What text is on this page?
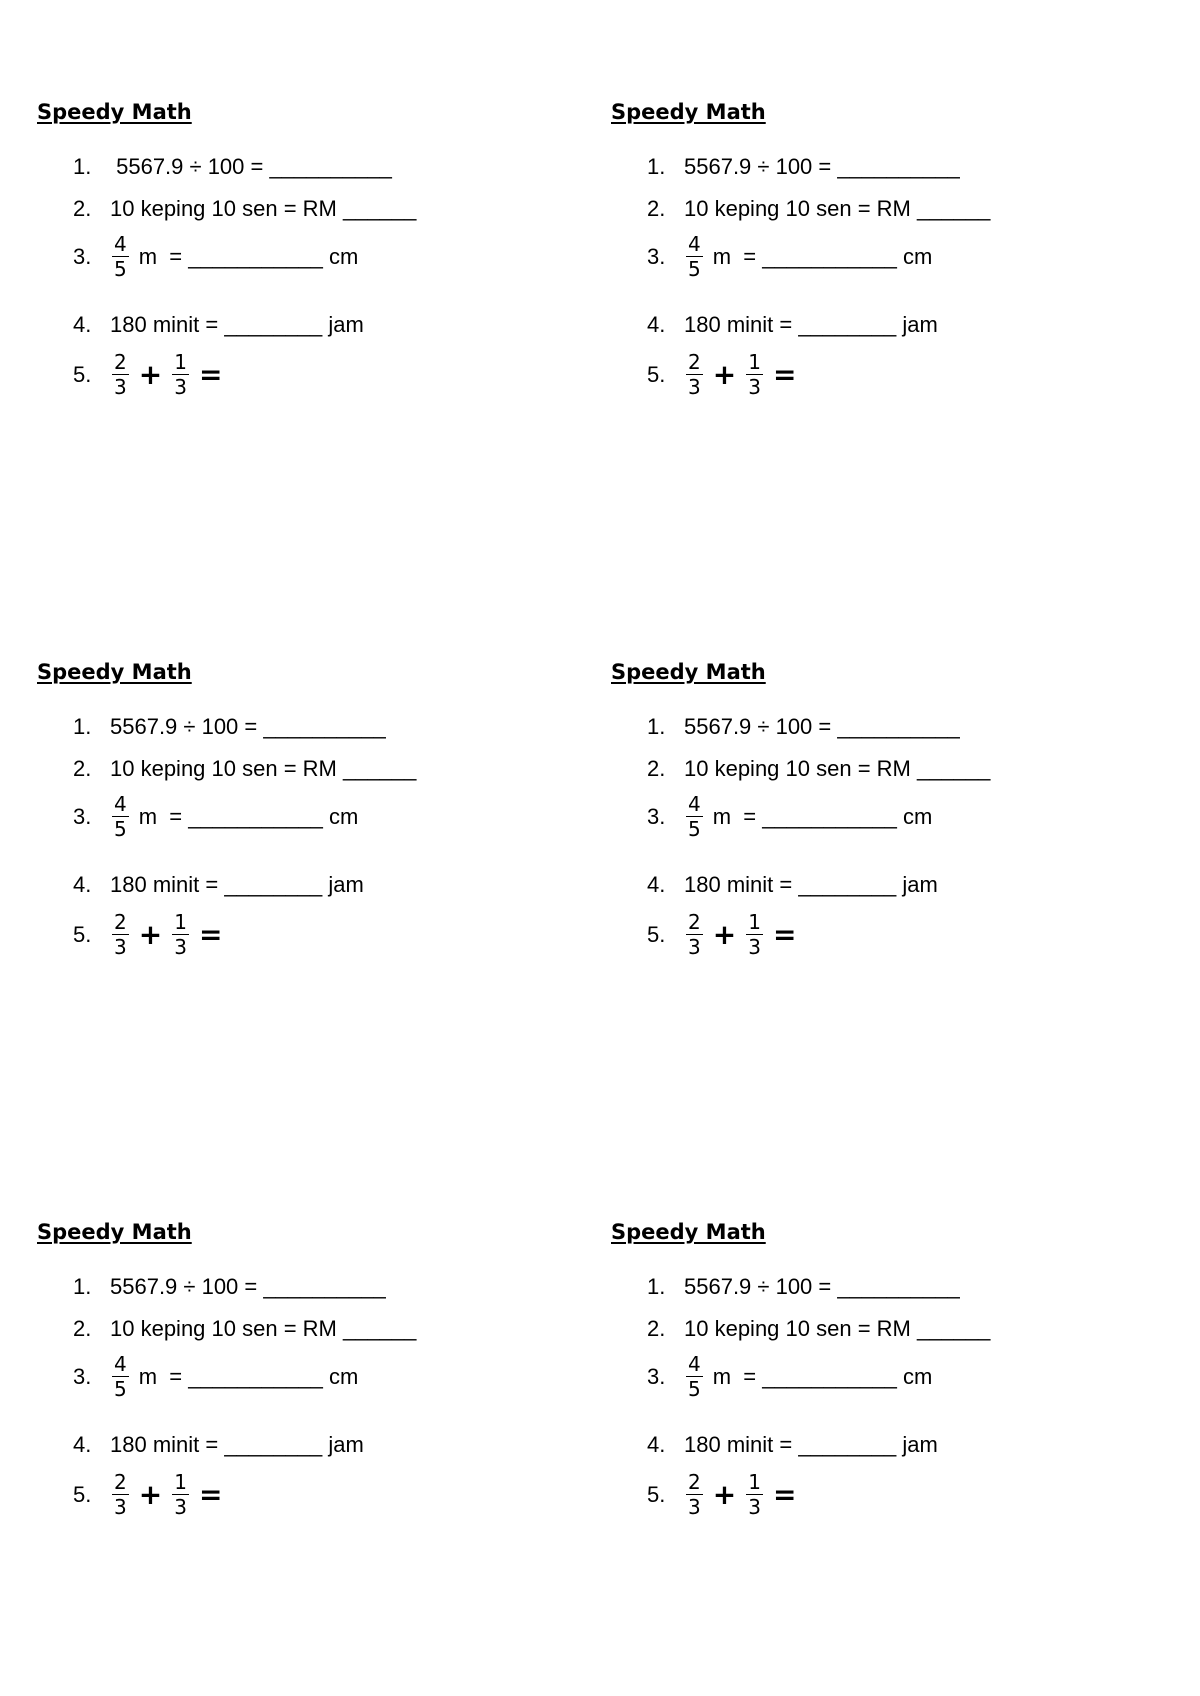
Speedy Math
1. 5567.9 ÷ 100 = __________
2. 10 keping 10 sen = RM ______
3.	$\frac{4}{5}$ m  = ___________ cm
4. 180 minit = ________ jam
5.	$\frac{2}{3} + \frac{1}{3}$ =
Speedy Math
1. 5567.9 ÷ 100 = __________
2. 10 keping 10 sen = RM ______
3.	$\frac{4}{5}$ m  = ___________ cm
4. 180 minit = ________ jam
5.	$\frac{2}{3} + \frac{1}{3}$ =
Speedy Math
1. 5567.9 ÷ 100 = __________
2. 10 keping 10 sen = RM ______
3.	$\frac{4}{5}$ m  = ___________ cm
4. 180 minit = ________ jam
5.	$\frac{2}{3} + \frac{1}{3}$ =
Speedy Math
1. 5567.9 ÷ 100 = __________
2. 10 keping 10 sen = RM ______
3.	$\frac{4}{5}$ m  = ___________ cm
4. 180 minit = ________ jam
5.	$\frac{2}{3} + \frac{1}{3}$ =
Speedy Math
1. 5567.9 ÷ 100 = __________
2. 10 keping 10 sen = RM ______
3.	$\frac{4}{5}$ m  = ___________ cm
4. 180 minit = ________ jam
5.	$\frac{2}{3} + \frac{1}{3}$ =
Speedy Math
1. 5567.9 ÷ 100 = __________
2. 10 keping 10 sen = RM ______
3.	$\frac{4}{5}$ m  = ___________ cm
4. 180 minit = ________ jam
5.	$\frac{2}{3} + \frac{1}{3}$ =
